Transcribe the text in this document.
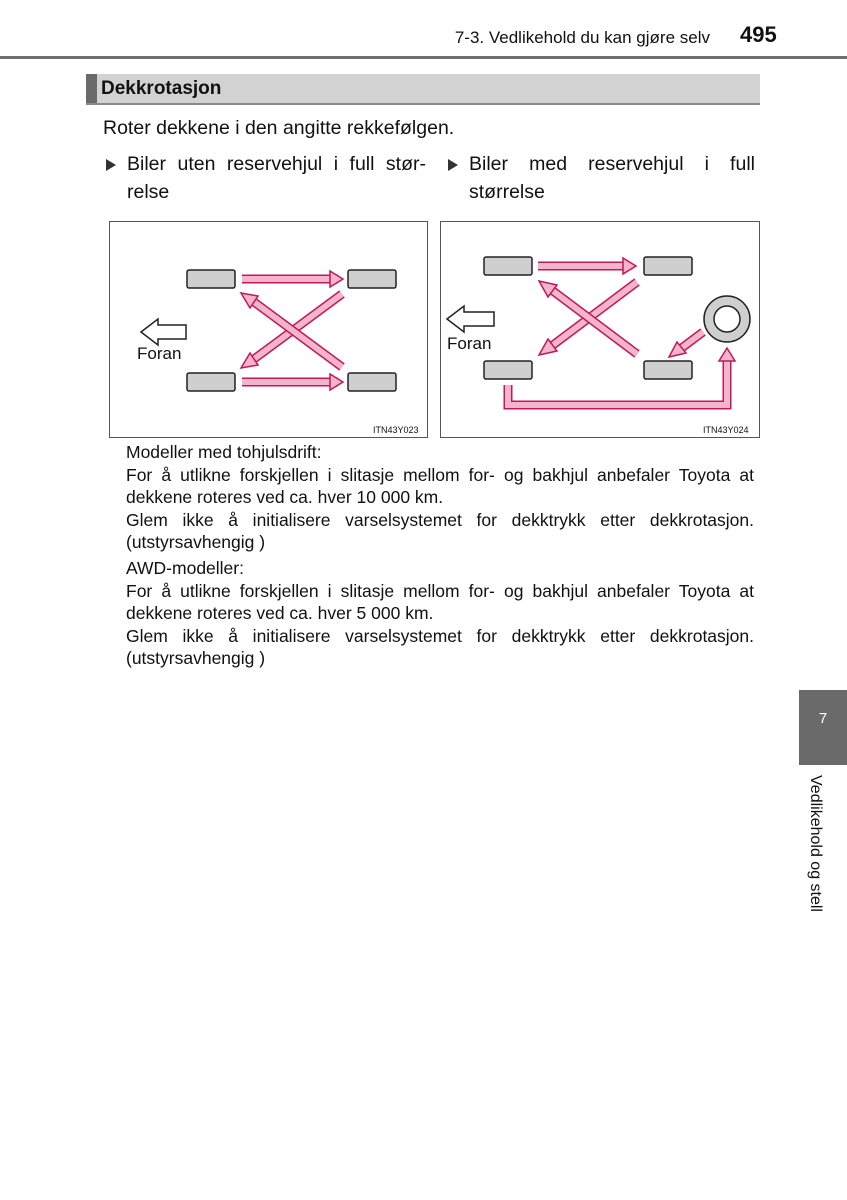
7-3. Vedlikehold du kan gjøre selv 495
Dekkrotasjon
Roter dekkene i den angitte rekkefølgen.
Biler uten reservehjul i full stør-
relse
Biler med reservehjul i full
størrelse
Foran
ITN43Y023
Foran
ITN43Y024
Modeller med tohjulsdrift:
For å utlikne forskjellen i slitasje mellom for- og bakhjul anbefaler Toyota at
dekkene roteres ved ca. hver 10 000 km.
Glem ikke å initialisere varselsystemet for dekktrykk etter dekkrotasjon.
(utstyrsavhengig )
AWD-modeller:
For å utlikne forskjellen i slitasje mellom for- og bakhjul anbefaler Toyota at
dekkene roteres ved ca. hver 5 000 km.
Glem ikke å initialisere varselsystemet for dekktrykk etter dekkrotasjon.
(utstyrsavhengig )
7
Vedlikehold og stell
